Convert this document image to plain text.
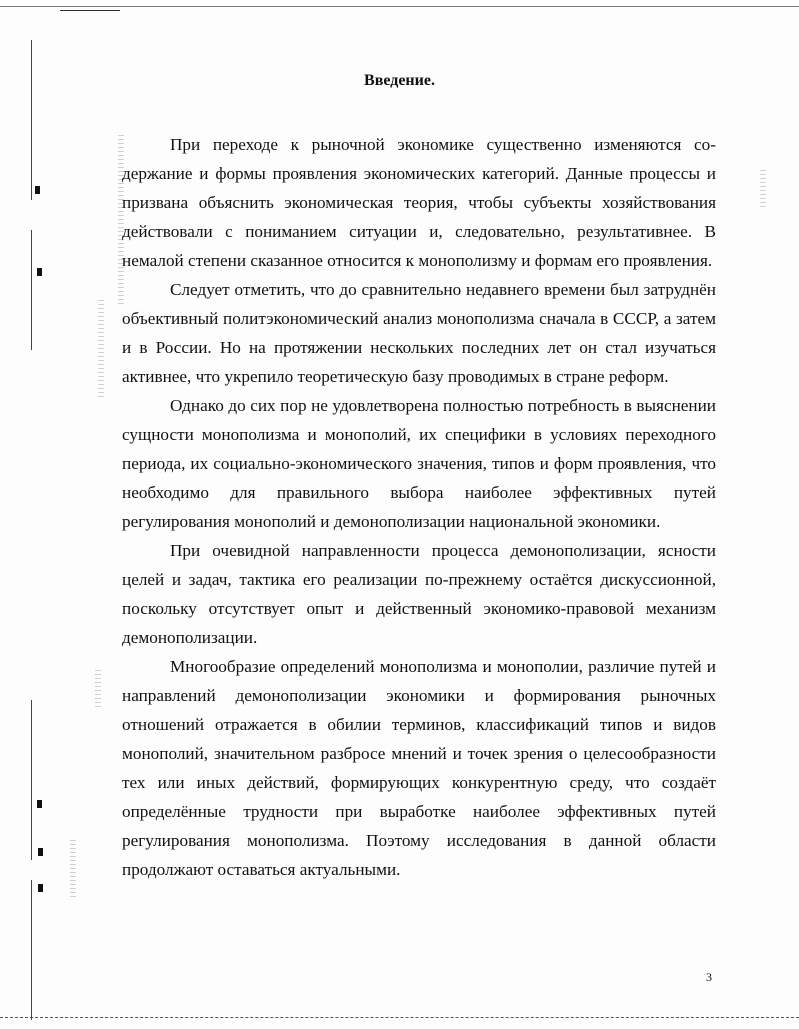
Введение.

При переходе к рыночной экономике существенно изменяются содержание и формы проявления экономических категорий. Данные процессы и призвана объяснить экономическая теория, чтобы субъекты хозяйствования действовали с пониманием ситуации и, следовательно, результативнее. В немалой степени сказанное относится к монополизму и формам его проявления.

Следует отметить, что до сравнительно недавнего времени был затруднён объективный политэкономический анализ монополизма сначала в СССР, а затем и в России. Но на протяжении нескольких последних лет он стал изучаться активнее, что укрепило теоретическую базу проводимых в стране реформ.

Однако до сих пор не удовлетворена полностью потребность в выяснении сущности монополизма и монополий, их специфики в условиях переходного периода, их социально-экономического значения, типов и форм проявления, что необходимо для правильного выбора наиболее эффективных путей регулирования монополий и демонополизации национальной экономики.

При очевидной направленности процесса демонополизации, ясности целей и задач, тактика его реализации по-прежнему остаётся дискуссионной, поскольку отсутствует опыт и действенный экономико-правовой механизм демонополизации.

Многообразие определений монополизма и монополии, различие путей и направлений демонополизации экономики и формирования рыночных отношений отражается в обилии терминов, классификаций типов и видов монополий, значительном разбросе мнений и точек зрения о целесообразности тех или иных действий, формирующих конкурентную среду, что создаёт определённые трудности при выработке наиболее эффективных путей регулирования монополизма. Поэтому исследования в данной области продолжают оставаться актуальными.

3
